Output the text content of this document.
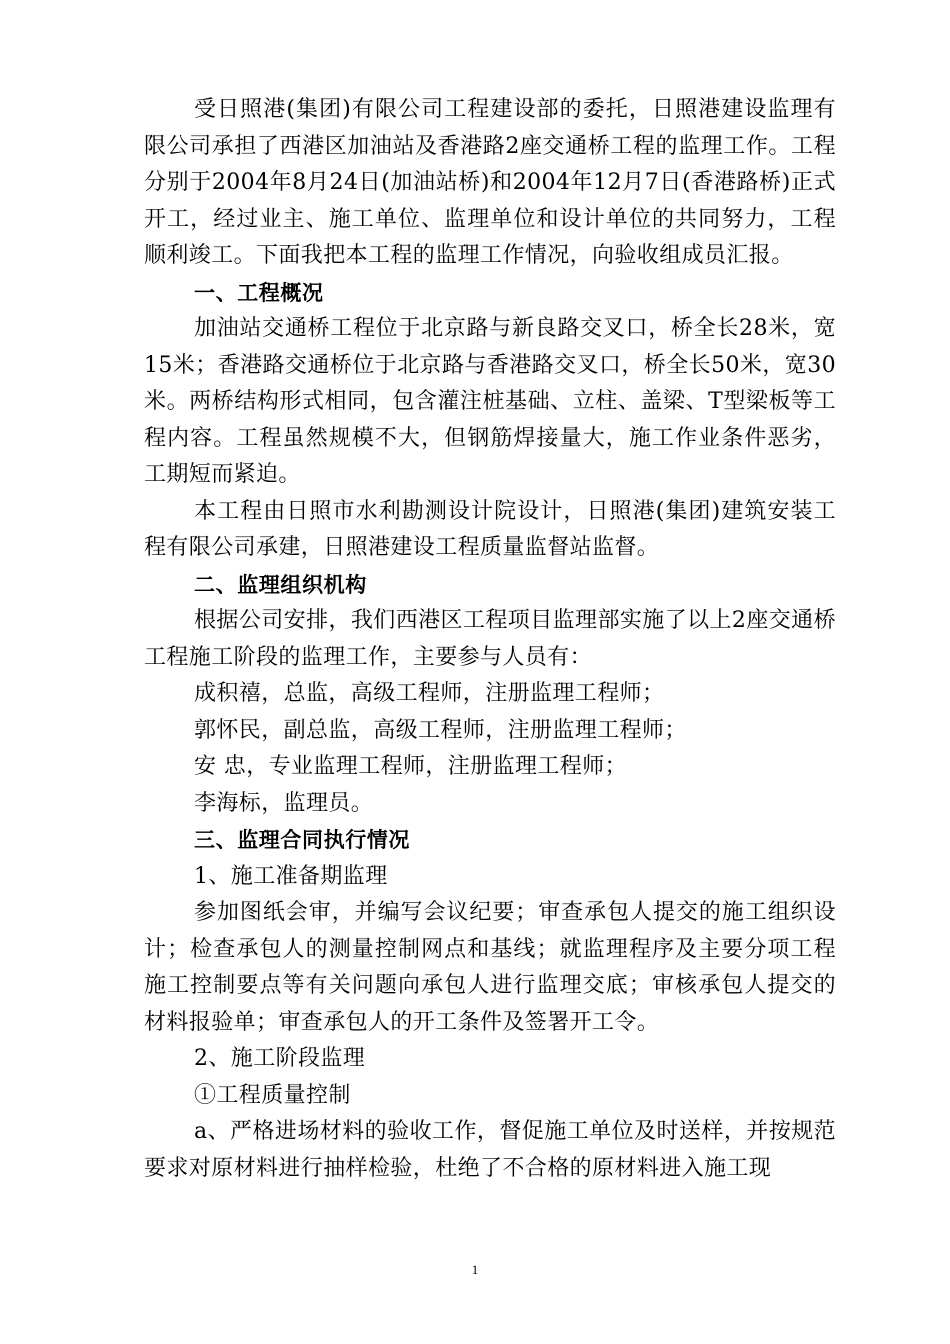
受日照港(集团)有限公司工程建设部的委托，日照港建设监理有限公司承担了西港区加油站及香港路2座交通桥工程的监理工作。工程分别于2004年8月24日(加油站桥)和2004年12月7日(香港路桥)正式开工，经过业主、施工单位、监理单位和设计单位的共同努力，工程顺利竣工。下面我把本工程的监理工作情况，向验收组成员汇报。

一、工程概况

加油站交通桥工程位于北京路与新良路交叉口，桥全长28米，宽15米；香港路交通桥位于北京路与香港路交叉口，桥全长50米，宽30米。两桥结构形式相同，包含灌注桩基础、立柱、盖梁、T型梁板等工程内容。工程虽然规模不大，但钢筋焊接量大，施工作业条件恶劣，工期短而紧迫。

本工程由日照市水利勘测设计院设计，日照港(集团)建筑安装工程有限公司承建，日照港建设工程质量监督站监督。

二、监理组织机构

根据公司安排，我们西港区工程项目监理部实施了以上2座交通桥工程施工阶段的监理工作，主要参与人员有：

成积禧，总监，高级工程师，注册监理工程师；

郭怀民，副总监，高级工程师，注册监理工程师；

安 忠，专业监理工程师，注册监理工程师；

李海标，监理员。

三、监理合同执行情况

1、施工准备期监理

参加图纸会审，并编写会议纪要；审查承包人提交的施工组织设计；检查承包人的测量控制网点和基线；就监理程序及主要分项工程施工控制要点等有关问题向承包人进行监理交底；审核承包人提交的材料报验单；审查承包人的开工条件及签署开工令。

2、施工阶段监理

①工程质量控制

a、严格进场材料的验收工作，督促施工单位及时送样，并按规范要求对原材料进行抽样检验，杜绝了不合格的原材料进入施工现

1
